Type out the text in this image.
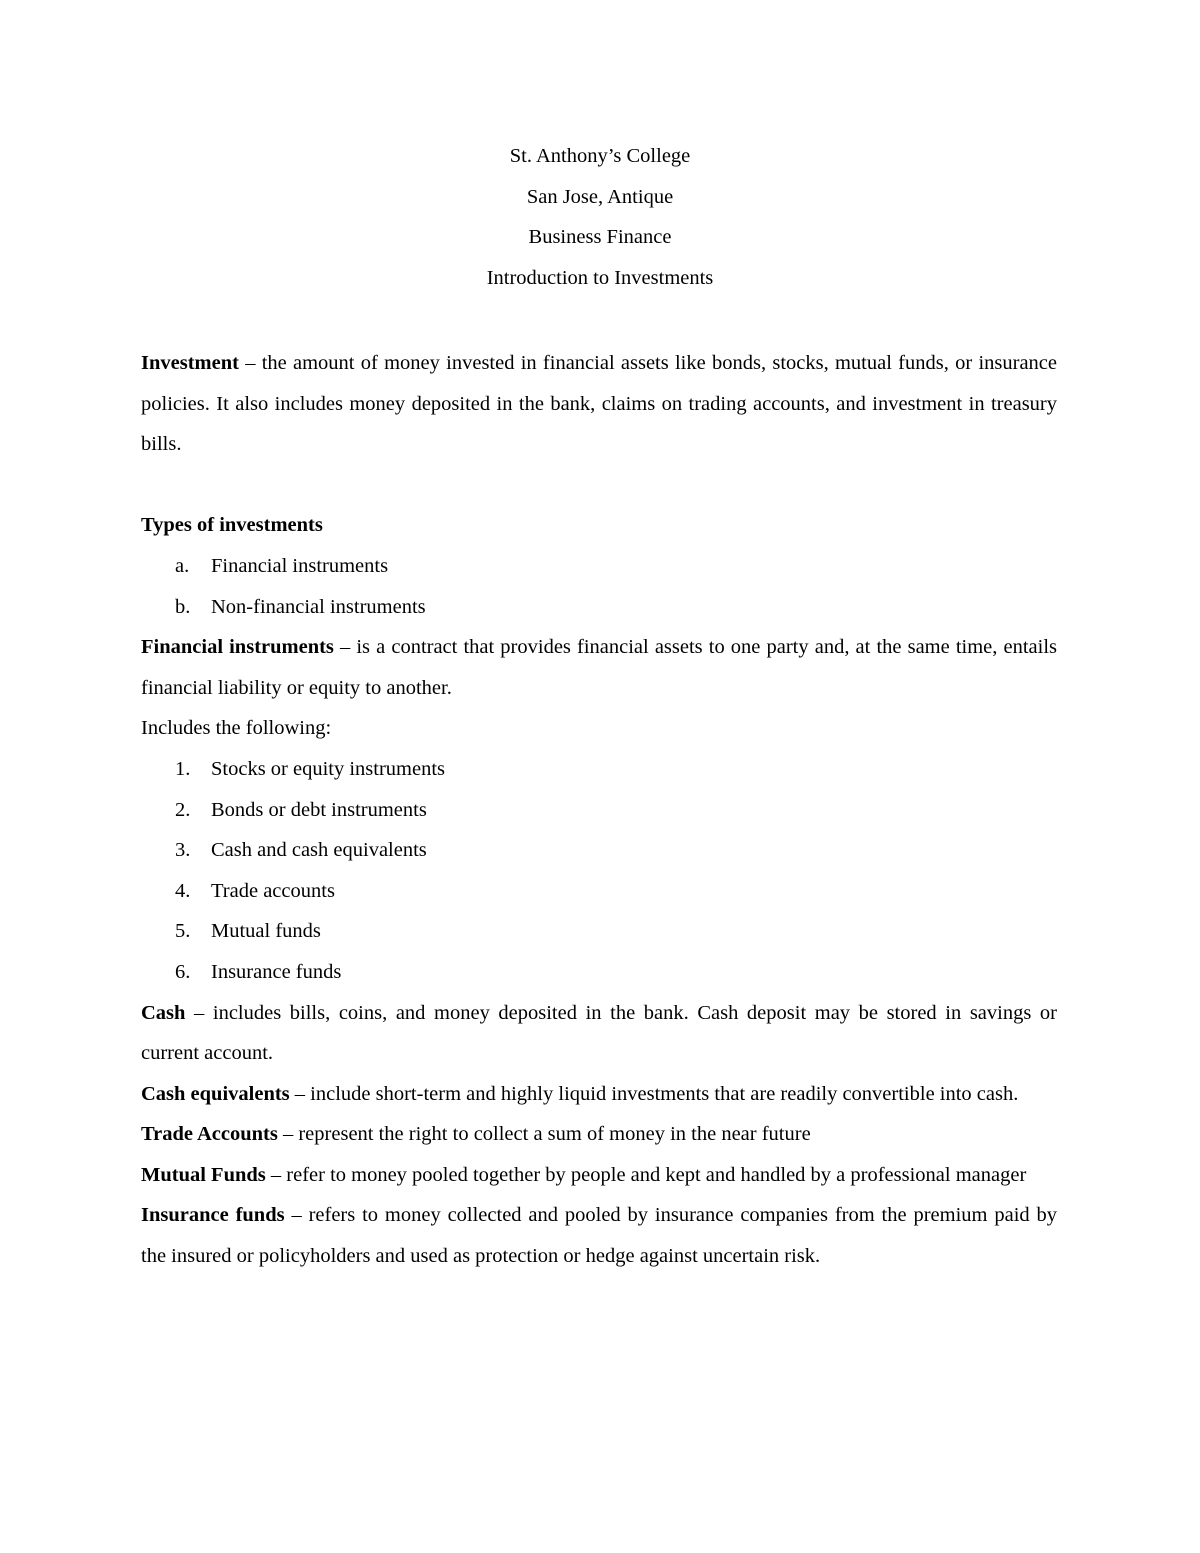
St. Anthony’s College
San Jose, Antique
Business Finance
Introduction to Investments

Investment – the amount of money invested in financial assets like bonds, stocks, mutual funds, or insurance policies. It also includes money deposited in the bank, claims on trading accounts, and investment in treasury bills.

Types of investments

a. Financial instruments
b. Non-financial instruments

Financial instruments – is a contract that provides financial assets to one party and, at the same time, entails financial liability or equity to another.

Includes the following:

1. Stocks or equity instruments
2. Bonds or debt instruments
3. Cash and cash equivalents
4. Trade accounts
5. Mutual funds
6. Insurance funds

Cash – includes bills, coins, and money deposited in the bank. Cash deposit may be stored in savings or current account.

Cash equivalents – include short-term and highly liquid investments that are readily convertible into cash.

Trade Accounts – represent the right to collect a sum of money in the near future

Mutual Funds – refer to money pooled together by people and kept and handled by a professional manager

Insurance funds – refers to money collected and pooled by insurance companies from the premium paid by the insured or policyholders and used as protection or hedge against uncertain risk.
